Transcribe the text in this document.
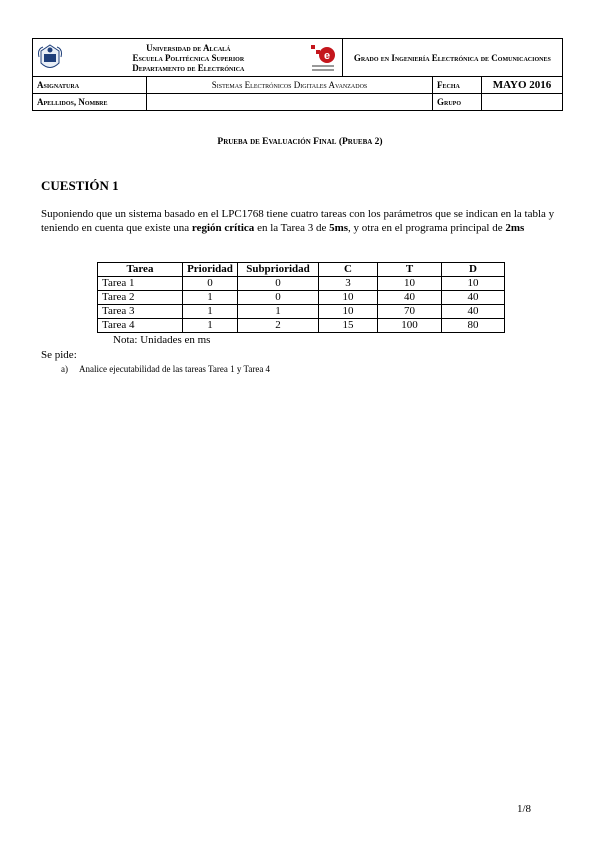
Universidad de Alcalá
Escuela Politécnica Superior
Departamento de Electrónica
e		Grado en Ingeniería Electrónica de Comunicaciones		
Asignatura	Sistemas Electrónicos Digitales Avanzados		Fecha	MAYO 2016
Apellidos, Nombre			Grupo	
Prueba de Evaluación Final (Prueba 2)
CUESTIÓN 1
Suponiendo que un sistema basado en el LPC1768 tiene cuatro tareas con los parámetros que se indican en la tabla y teniendo en cuenta que existe una región crítica en la Tarea 3 de 5ms, y otra en el programa principal de 2ms
Tarea	Prioridad	Subprioridad	C	T	D
Tarea 1	0	0	3	10	10
Tarea 2	1	0	10	40	40
Tarea 3	1	1	10	70	40
Tarea 4	1	2	15	100	80
Nota: Unidades en ms
Se pide:
a) Analice ejecutabilidad de las tareas Tarea 1 y Tarea 4
1/8
